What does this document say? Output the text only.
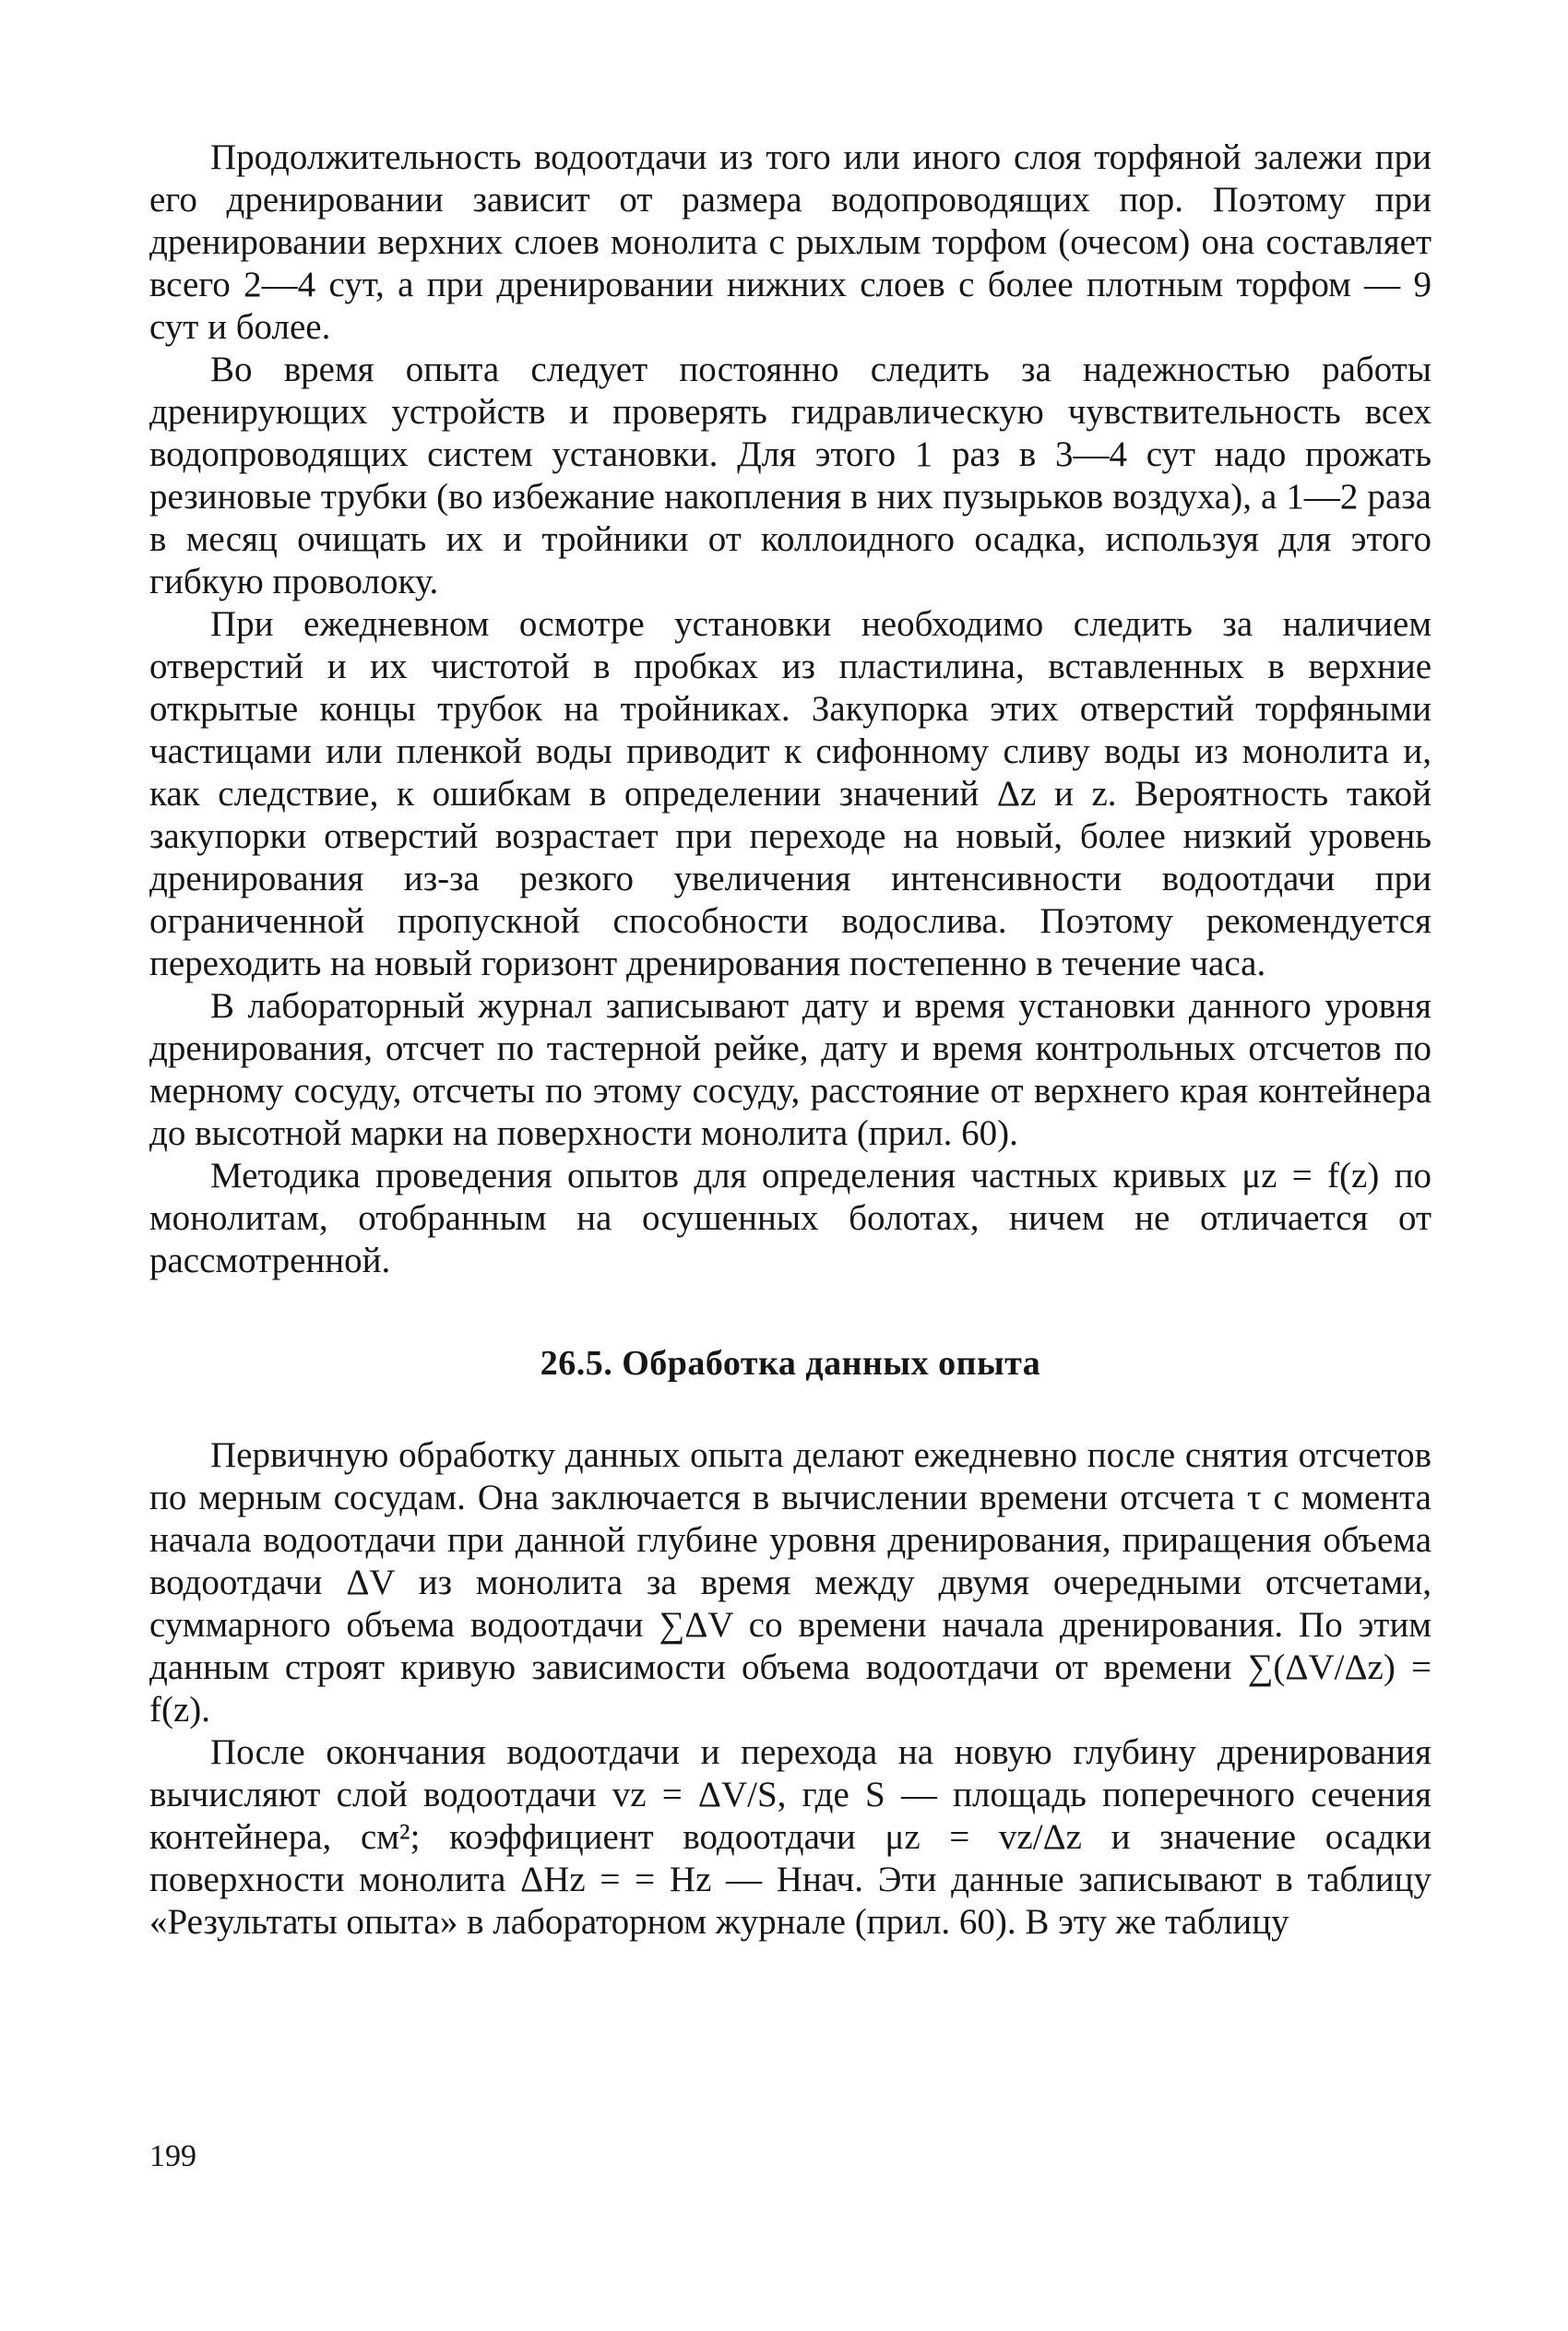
Продолжительность водоотдачи из того или иного слоя торфяной залежи при его дренировании зависит от размера водопроводящих пор. Поэтому при дренировании верхних слоев монолита с рыхлым торфом (очесом) она составляет всего 2—4 сут, а при дренировании нижних слоев с более плотным торфом — 9 сут и более.

Во время опыта следует постоянно следить за надежностью работы дренирующих устройств и проверять гидравлическую чувствительность всех водопроводящих систем установки. Для этого 1 раз в 3—4 сут надо прожать резиновые трубки (во избежание накопления в них пузырьков воздуха), а 1—2 раза в месяц очищать их и тройники от коллоидного осадка, используя для этого гибкую проволоку.

При ежедневном осмотре установки необходимо следить за наличием отверстий и их чистотой в пробках из пластилина, вставленных в верхние открытые концы трубок на тройниках. Закупорка этих отверстий торфяными частицами или пленкой воды приводит к сифонному сливу воды из монолита и, как следствие, к ошибкам в определении значений Δz и z. Вероятность такой закупорки отверстий возрастает при переходе на новый, более низкий уровень дренирования из-за резкого увеличения интенсивности водоотдачи при ограниченной пропускной способности водослива. Поэтому рекомендуется переходить на новый горизонт дренирования постепенно в течение часа.

В лабораторный журнал записывают дату и время установки данного уровня дренирования, отсчет по тастерной рейке, дату и время контрольных отсчетов по мерному сосуду, отсчеты по этому сосуду, расстояние от верхнего края контейнера до высотной марки на поверхности монолита (прил. 60).

Методика проведения опытов для определения частных кривых μz = f(z) по монолитам, отобранным на осушенных болотах, ничем не отличается от рассмотренной.

26.5. Обработка данных опыта

Первичную обработку данных опыта делают ежедневно после снятия отсчетов по мерным сосудам. Она заключается в вычислении времени отсчета τ с момента начала водоотдачи при данной глубине уровня дренирования, приращения объема водоотдачи ΔV из монолита за время между двумя очередными отсчетами, суммарного объема водоотдачи ∑ΔV со времени начала дренирования. По этим данным строят кривую зависимости объема водоотдачи от времени ∑(ΔV/Δz) = f(z).

После окончания водоотдачи и перехода на новую глубину дренирования вычисляют слой водоотдачи vz = ΔV/S, где S — площадь поперечного сечения контейнера, см²; коэффициент водоотдачи μz = vz/Δz и значение осадки поверхности монолита ΔHz = = Hz — Hнач. Эти данные записывают в таблицу «Результаты опыта» в лабораторном журнале (прил. 60). В эту же таблицу

199
